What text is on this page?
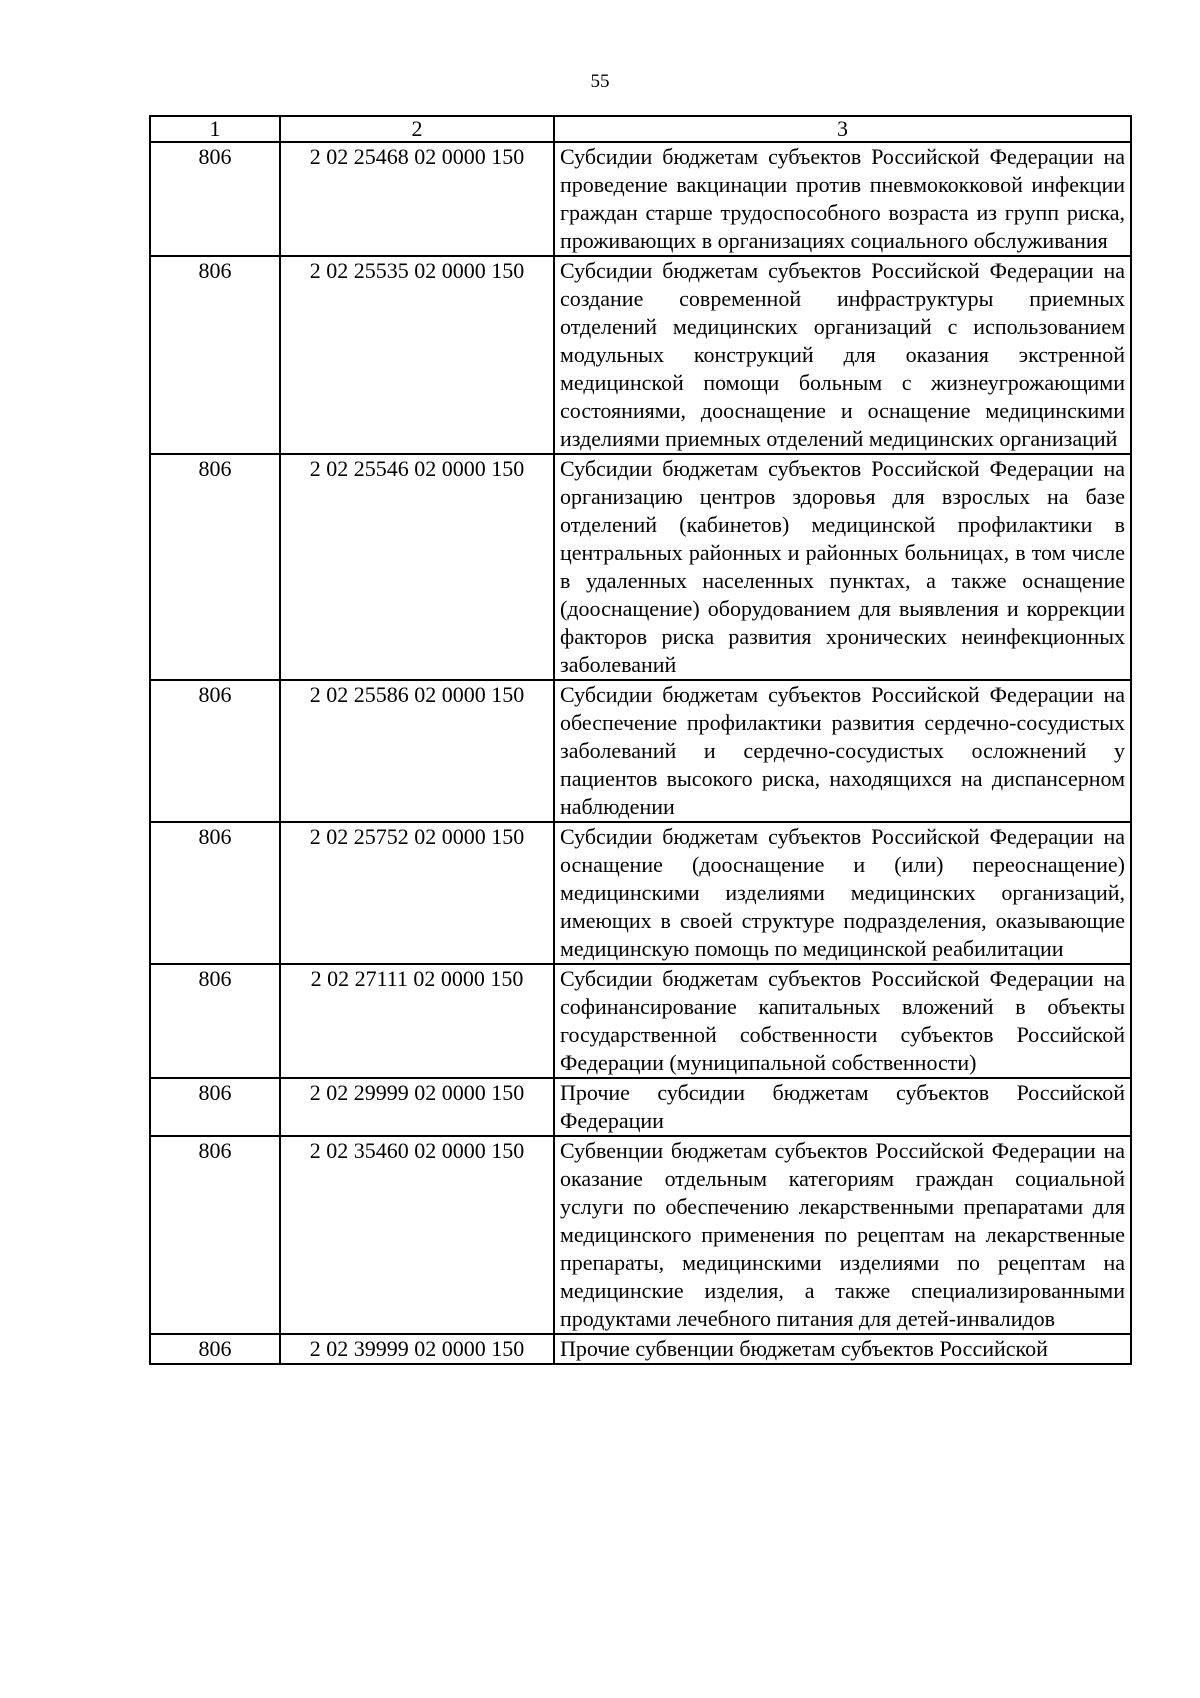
55
1	2	3
806	2 02 25468 02 0000 150	Субсидии бюджетам субъектов Российской Федерации на проведение вакцинации против пневмококковой инфекции граждан старше трудоспособного возраста из групп риска, проживающих в организациях социального обслуживания
806	2 02 25535 02 0000 150	Субсидии бюджетам субъектов Российской Федерации на создание современной инфраструктуры приемных отделений медицинских организаций с использованием модульных конструкций для оказания экстренной медицинской помощи больным с жизнеугрожающими состояниями, дооснащение и оснащение медицинскими изделиями приемных отделений медицинских организаций
806	2 02 25546 02 0000 150	Субсидии бюджетам субъектов Российской Федерации на организацию центров здоровья для взрослых на базе отделений (кабинетов) медицинской профилактики в центральных районных и районных больницах, в том числе в удаленных населенных пунктах, а также оснащение (дооснащение) оборудованием для выявления и коррекции факторов риска развития хронических неинфекционных заболеваний
806	2 02 25586 02 0000 150	Субсидии бюджетам субъектов Российской Федерации на обеспечение профилактики развития сердечно-сосудистых заболеваний и сердечно-сосудистых осложнений у пациентов высокого риска, находящихся на диспансерном наблюдении
806	2 02 25752 02 0000 150	Субсидии бюджетам субъектов Российской Федерации на оснащение (дооснащение и (или) переоснащение) медицинскими изделиями медицинских организаций, имеющих в своей структуре подразделения, оказывающие медицинскую помощь по медицинской реабилитации
806	2 02 27111 02 0000 150	Субсидии бюджетам субъектов Российской Федерации на софинансирование капитальных вложений в объекты государственной собственности субъектов Российской Федерации (муниципальной собственности)
806	2 02 29999 02 0000 150	Прочие субсидии бюджетам субъектов Российской Федерации
806	2 02 35460 02 0000 150	Субвенции бюджетам субъектов Российской Федерации на оказание отдельным категориям граждан социальной услуги по обеспечению лекарственными препаратами для медицинского применения по рецептам на лекарственные препараты, медицинскими изделиями по рецептам на медицинские изделия, а также специализированными продуктами лечебного питания для детей-инвалидов
806	2 02 39999 02 0000 150	Прочие субвенции бюджетам субъектов Российской
